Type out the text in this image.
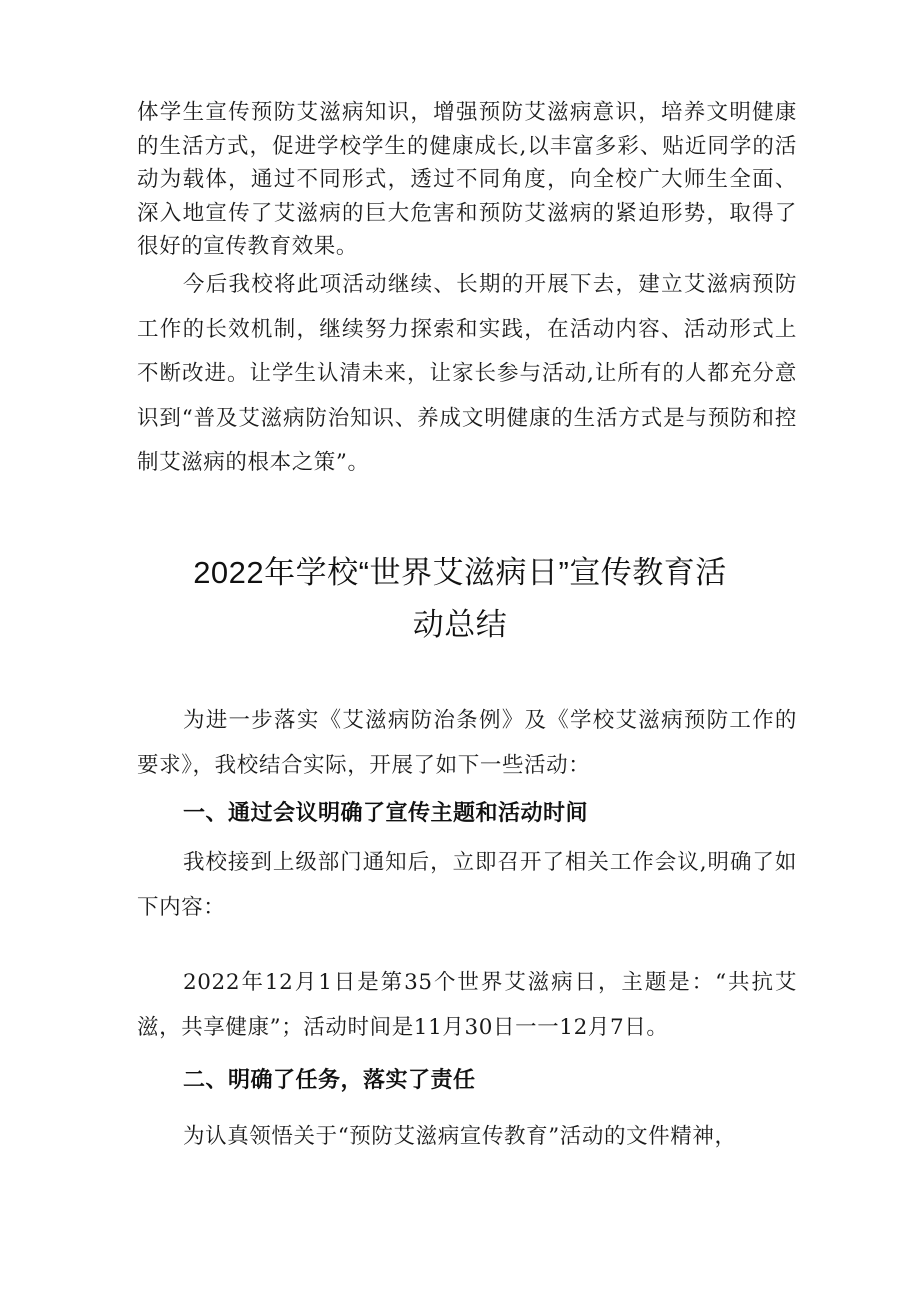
体学生宣传预防艾滋病知识，增强预防艾滋病意识，培养文明健康的生活方式，促进学校学生的健康成长,以丰富多彩、贴近同学的活动为载体，通过不同形式，透过不同角度，向全校广大师生全面、深入地宣传了艾滋病的巨大危害和预防艾滋病的紧迫形势，取得了很好的宣传教育效果。
今后我校将此项活动继续、长期的开展下去，建立艾滋病预防工作的长效机制，继续努力探索和实践，在活动内容、活动形式上不断改进。让学生认清未来，让家长参与活动,让所有的人都充分意识到“普及艾滋病防治知识、养成文明健康的生活方式是与预防和控制艾滋病的根本之策”。
2022年学校“世界艾滋病日”宣传教育活
动总结
为进一步落实《艾滋病防治条例》及《学校艾滋病预防工作的要求》，我校结合实际，开展了如下一些活动：
一、通过会议明确了宣传主题和活动时间
我校接到上级部门通知后，立即召开了相关工作会议,明确了如下内容：
2022年12月1日是第35个世界艾滋病日，主题是：“共抗艾滋，共享健康”；活动时间是11月30日一一12月7日。
二、明确了任务，落实了责任
为认真领悟关于“预防艾滋病宣传教育”活动的文件精神，
